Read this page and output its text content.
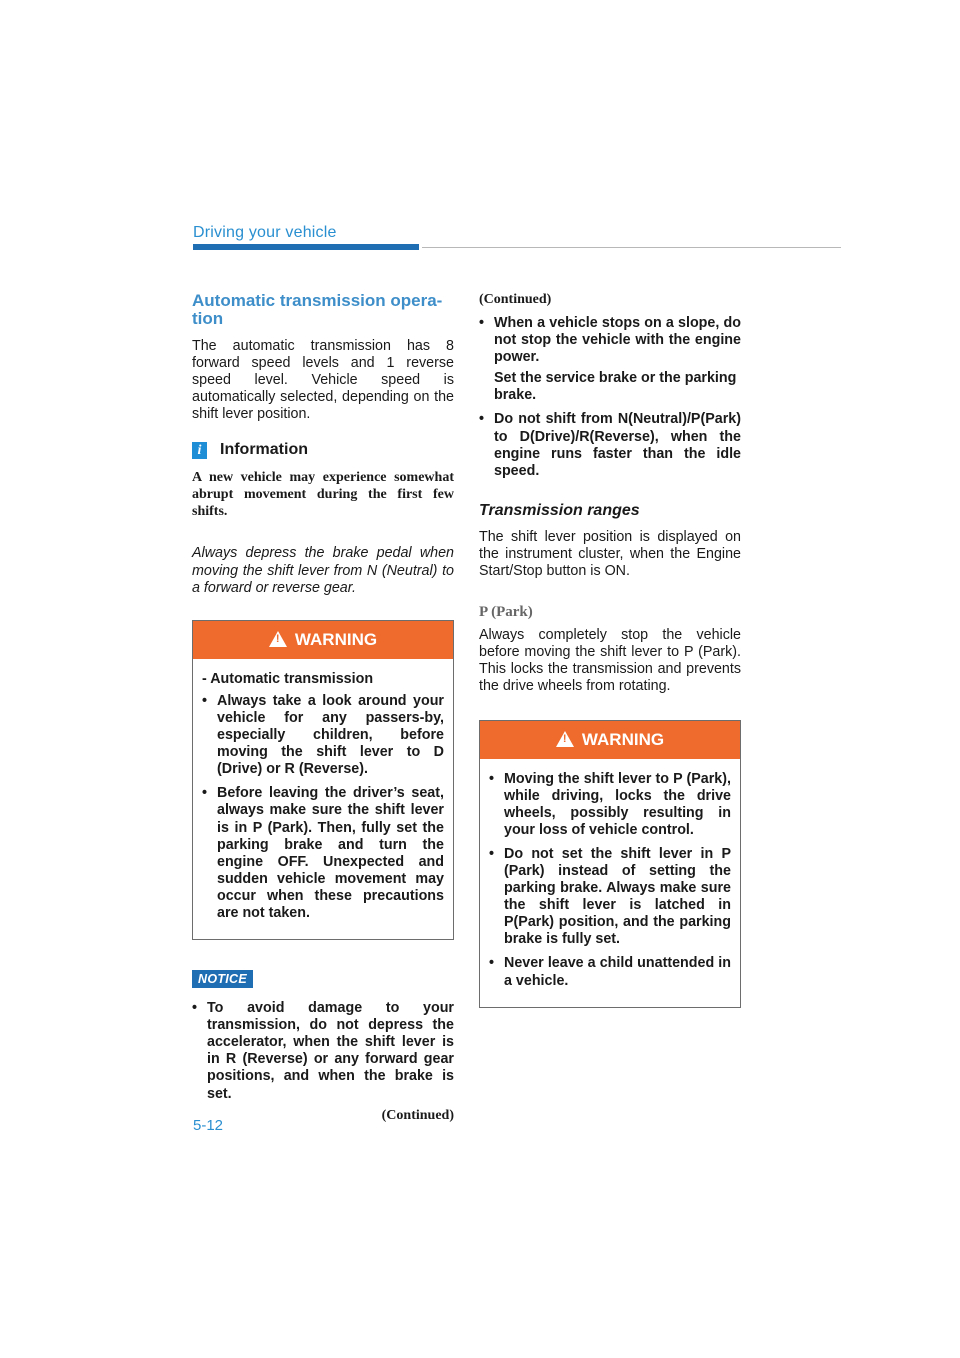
Driving your vehicle
Automatic transmission opera-tion

The automatic transmission has 8 forward speed levels and 1 reverse speed level. Vehicle speed is automatically selected, depending on the shift lever position.

i	Information

A new vehicle may experience somewhat abrupt movement during the first few shifts.

Always depress the brake pedal when moving the shift lever from N (Neutral) to a forward or reverse gear.

!
WARNING
- Automatic transmission
• Always take a look around your vehicle for any passers-by, especially children, before moving the shift lever to D (Drive) or R (Reverse).
• Before leaving the driver’s seat, always make sure the shift lever is in P (Park). Then, fully set the parking brake and turn the engine OFF. Unexpected and sudden vehicle movement may occur when these precautions are not taken.
NOTICE
• To avoid damage to your transmission, do not depress the accelerator, when the shift lever is in R (Reverse) or any forward gear positions, and when the brake is set.
(Continued)
(Continued)
• When a vehicle stops on a slope, do not stop the vehicle with the engine power.
Set the service brake or the parking brake.
• Do not shift from N(Neutral)/P(Park) to D(Drive)/R(Reverse), when the engine runs faster than the idle speed.
Transmission ranges

The shift lever position is displayed on the instrument cluster, when the Engine Start/Stop button is ON.

P (Park)

Always completely stop the vehicle before moving the shift lever to P (Park). This locks the transmission and prevents the drive wheels from rotating.

!
WARNING
• Moving the shift lever to P (Park), while driving, locks the drive wheels, possibly resulting in your loss of vehicle control.
• Do not set the shift lever in P (Park) instead of setting the parking brake. Always make sure the shift lever is latched in P(Park) position, and the parking brake is fully set.
• Never leave a child unattended in a vehicle.
5-12
